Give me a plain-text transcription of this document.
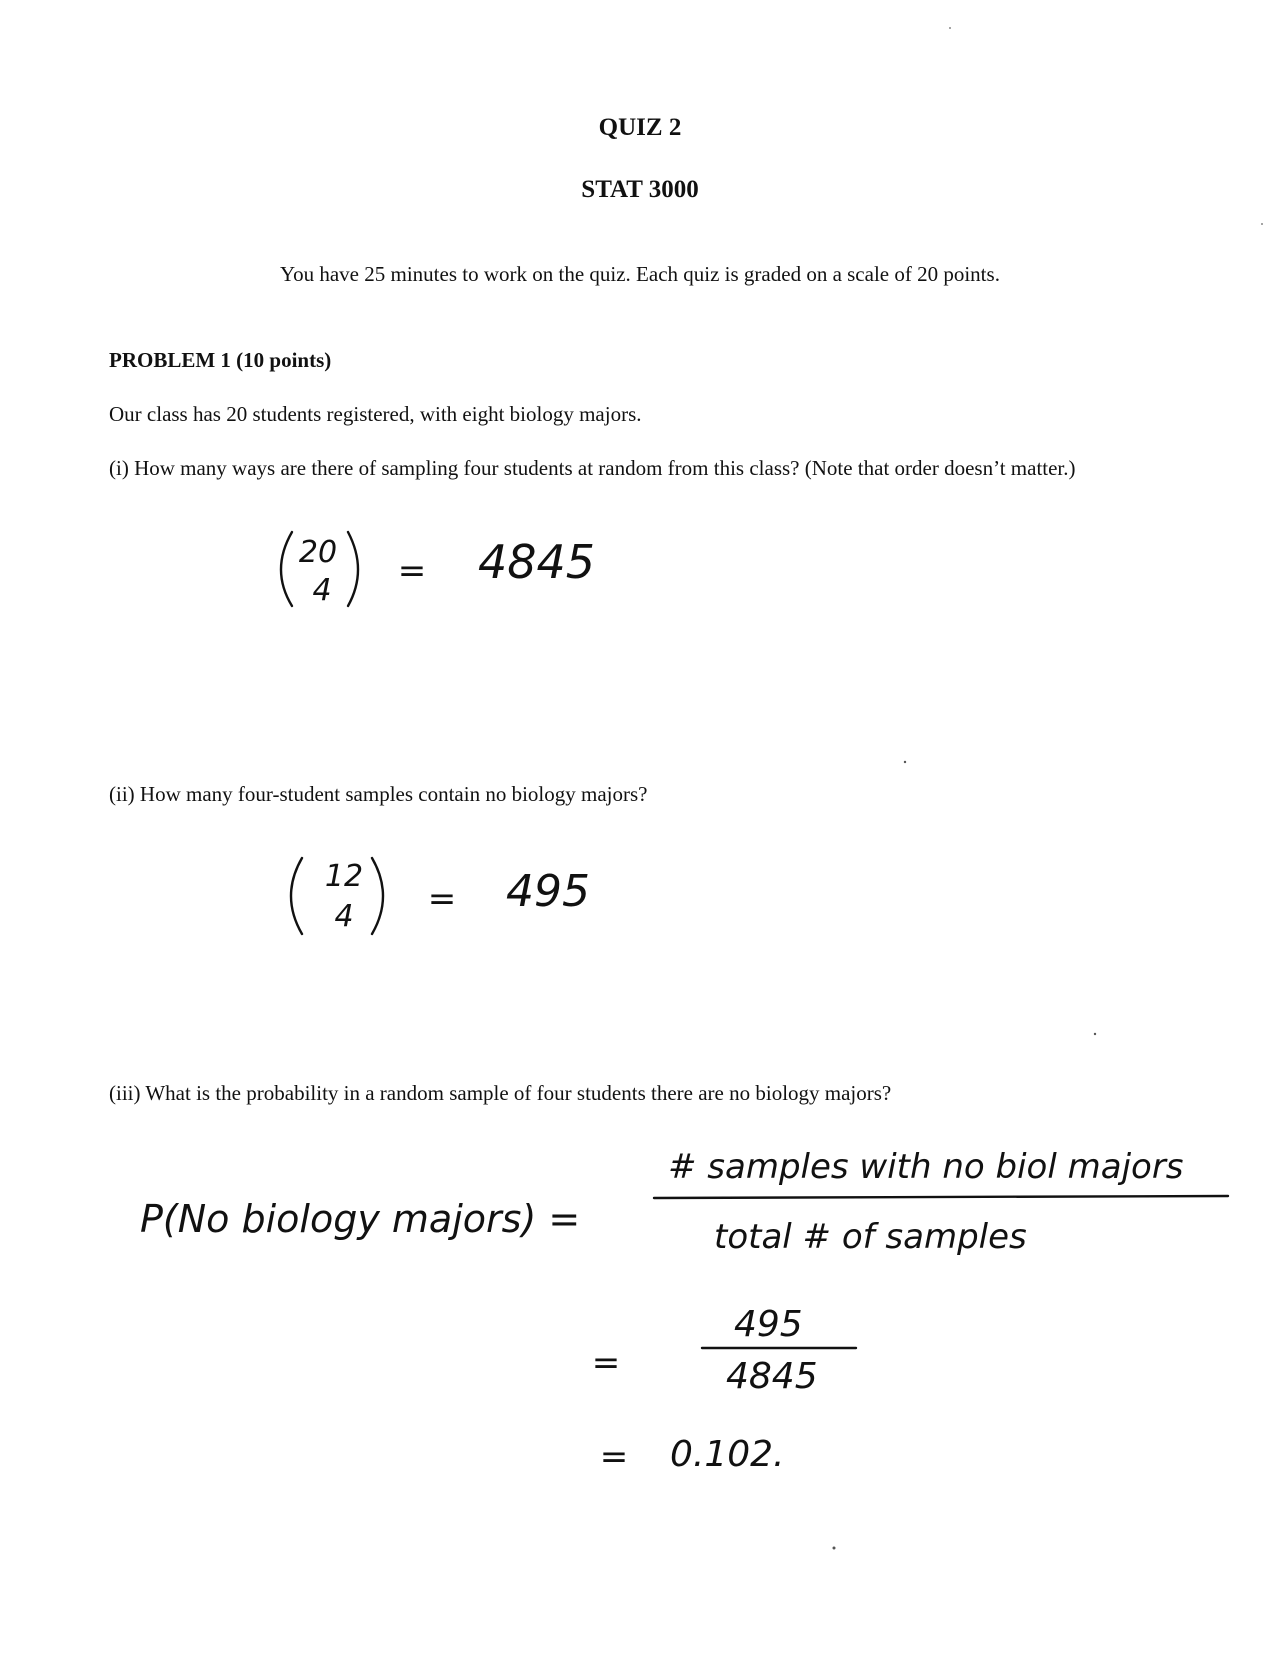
QUIZ 2
STAT 3000
You have 25 minutes to work on the quiz. Each quiz is graded on a scale of 20 points.
PROBLEM 1 (10 points)
Our class has 20 students registered, with eight biology majors.
(i) How many ways are there of sampling four students at random from this class? (Note that order doesn’t matter.)
(ii) How many four-student samples contain no biology majors?
(iii) What is the probability in a random sample of four students there are no biology majors?
20
4 = 4845
12
4 = 495
P(No biology majors) =
# samples with no biol majors
total # of samples
=
495
4845
= 0.102.
